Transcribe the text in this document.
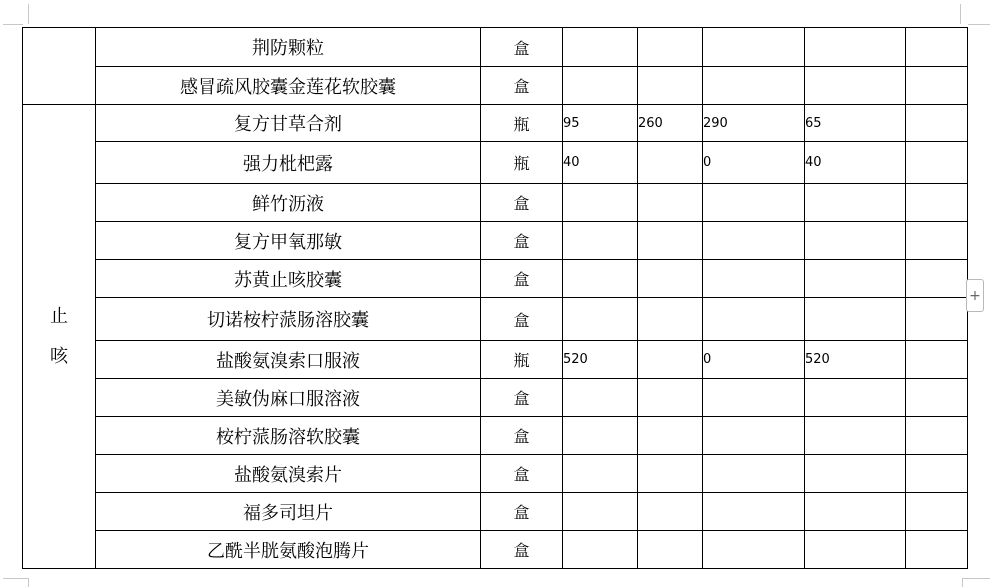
	荆防颗粒	盒					
	感冒疏风胶囊金莲花软胶囊	盒					

止
咳	复方甘草合剂	瓶	95	260	290	65	
	强力枇杷露	瓶	40		0	40	
	鲜竹沥液	盒					
	复方甲氧那敏	盒					
	苏黄止咳胶囊	盒					
	切诺桉柠蒎肠溶胶囊	盒					
	盐酸氨溴索口服液	瓶	520		0	520	
	美敏伪麻口服溶液	盒					
	桉柠蒎肠溶软胶囊	盒					
	盐酸氨溴索片	盒					
	福多司坦片	盒					
	乙酰半胱氨酸泡腾片	盒					
+
